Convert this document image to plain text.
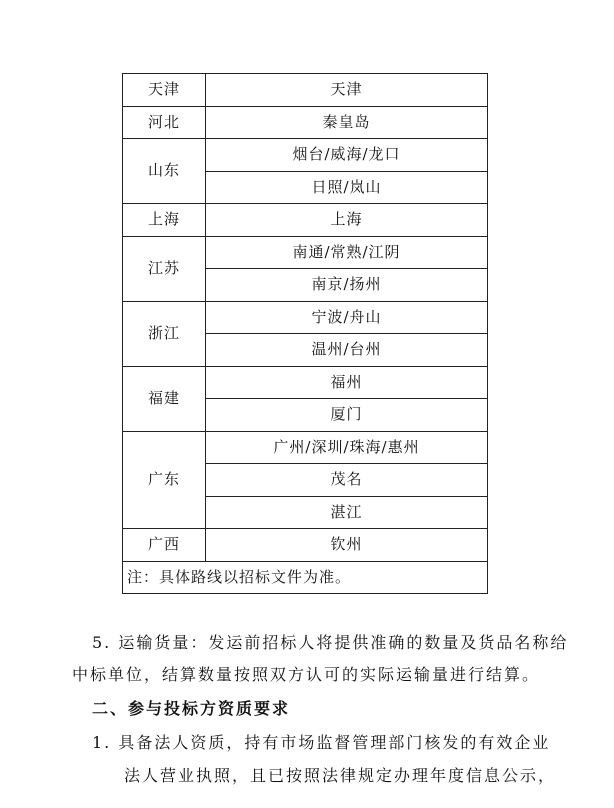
天津	天津
河北	秦皇岛
山东	烟台/威海/龙口
	日照/岚山
上海	上海
江苏	南通/常熟/江阴
	南京/扬州
浙江	宁波/舟山
	温州/台州
福建	福州
	厦门
广东	广州/深圳/珠海/惠州
	茂名
	湛江
广西	钦州
注：具体路线以招标文件为准。	

5. 运输货量：发运前招标人将提供准确的数量及货品名称给

中标单位，结算数量按照双方认可的实际运输量进行结算。

二、参与投标方资质要求

1. 具备法人资质，持有市场监督管理部门核发的有效企业

法人营业执照，且已按照法律规定办理年度信息公示，
